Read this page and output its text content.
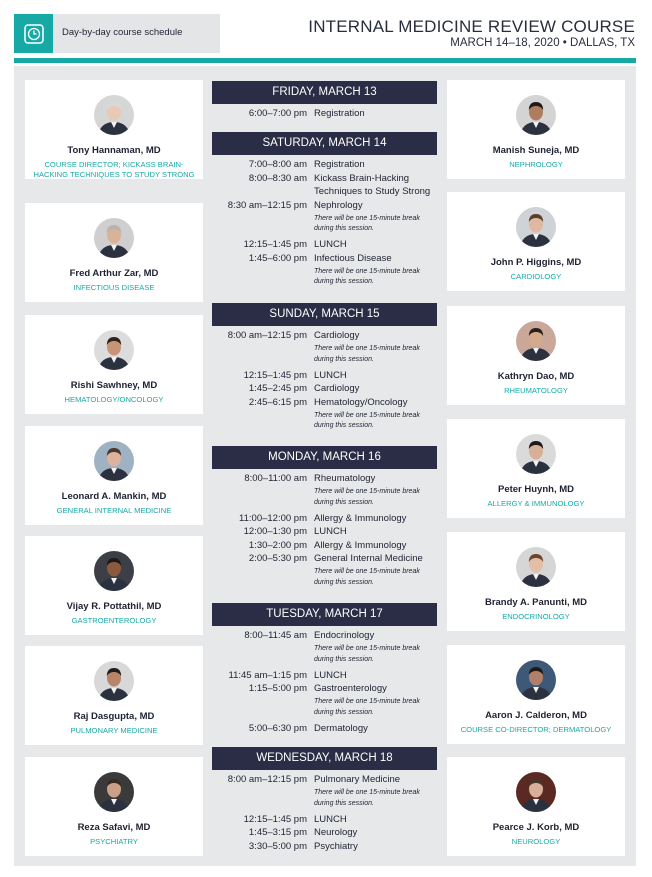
Day-by-day course schedule	INTERNAL MEDICINE REVIEW COURSE
MARCH 14–18, 2020 • DALLAS, TX
Tony Hannaman, MD
COURSE DIRECTOR; KICKASS BRAIN-HACKING TECHNIQUES TO STUDY STRONG
Fred Arthur Zar, MD
INFECTIOUS DISEASE
Rishi Sawhney, MD
HEMATOLOGY/ONCOLOGY
Leonard A. Mankin, MD
GENERAL INTERNAL MEDICINE
Vijay R. Pottathil, MD
GASTROENTEROLOGY
Raj Dasgupta, MD
PULMONARY MEDICINE
Reza Safavi, MD
PSYCHIATRY
Manish Suneja, MD
NEPHROLOGY
John P. Higgins, MD
CARDIOLOGY
Kathryn Dao, MD
RHEUMATOLOGY
Peter Huynh, MD
ALLERGY & IMMUNOLOGY
Brandy A. Panunti, MD
ENDOCRINOLOGY
Aaron J. Calderon, MD
COURSE CO-DIRECTOR; DERMATOLOGY
Pearce J. Korb, MD
NEUROLOGY
FRIDAY, MARCH 13
6:00–7:00 pm Registration
SATURDAY, MARCH 14
7:00–8:00 am Registration
8:00–8:30 am Kickass Brain-Hacking
Techniques to Study Strong
8:30 am–12:15 pm Nephrology
There will be one 15-minute break during this session.
12:15–1:45 pm LUNCH
1:45–6:00 pm Infectious Disease
There will be one 15-minute break during this session.
SUNDAY, MARCH 15
8:00 am–12:15 pm Cardiology
There will be one 15-minute break during this session.
12:15–1:45 pm LUNCH
1:45–2:45 pm Cardiology
2:45–6:15 pm Hematology/Oncology
There will be one 15-minute break during this session.
MONDAY, MARCH 16
8:00–11:00 am Rheumatology
There will be one 15-minute break during this session.
11:00–12:00 pm Allergy & Immunology
12:00–1:30 pm LUNCH
1:30–2:00 pm Allergy & Immunology
2:00–5:30 pm General Internal Medicine
There will be one 15-minute break during this session.
TUESDAY, MARCH 17
8:00–11:45 am Endocrinology
There will be one 15-minute break during this session.
11:45 am–1:15 pm LUNCH
1:15–5:00 pm Gastroenterology
There will be one 15-minute break during this session.
5:00–6:30 pm Dermatology
WEDNESDAY, MARCH 18
8:00 am–12:15 pm Pulmonary Medicine
There will be one 15-minute break during this session.
12:15–1:45 pm LUNCH
1:45–3:15 pm Neurology
3:30–5:00 pm Psychiatry
